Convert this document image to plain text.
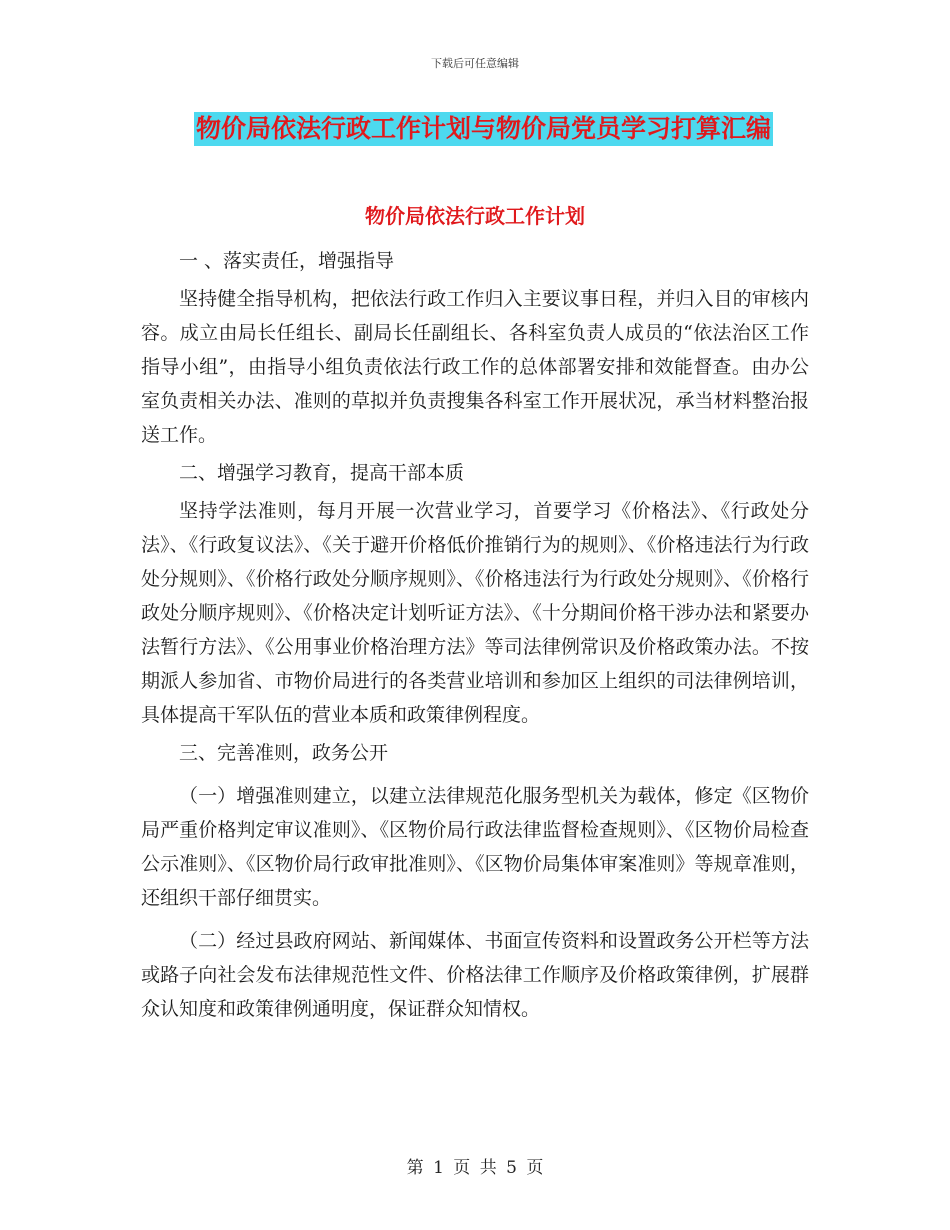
下载后可任意编辑
物价局依法行政工作计划与物价局党员学习打算汇编
物价局依法行政工作计划

一 、落实责任，增强指导

坚持健全指导机构，把依法行政工作归入主要议事日程，并归入目的审核内容。成立由局长任组长、副局长任副组长、各科室负责人成员的“依法治区工作指导小组”，由指导小组负责依法行政工作的总体部署安排和效能督查。由办公室负责相关办法、准则的草拟并负责搜集各科室工作开展状况，承当材料整治报送工作。

二、增强学习教育，提高干部本质

坚持学法准则，每月开展一次营业学习，首要学习《价格法》、《行政处分法》、《行政复议法》、《关于避开价格低价推销行为的规则》、《价格违法行为行政处分规则》、《价格行政处分顺序规则》、《价格违法行为行政处分规则》、《价格行政处分顺序规则》、《价格决定计划听证方法》、《十分期间价格干涉办法和紧要办法暂行方法》、《公用事业价格治理方法》等司法律例常识及价格政策办法。不按期派人参加省、市物价局进行的各类营业培训和参加区上组织的司法律例培训，具体提高干军队伍的营业本质和政策律例程度。

三、完善准则，政务公开

（一）增强准则建立，以建立法律规范化服务型机关为载体，修定《区物价局严重价格判定审议准则》、《区物价局行政法律监督检查规则》、《区物价局检查公示准则》、《区物价局行政审批准则》、《区物价局集体审案准则》等规章准则，还组织干部仔细贯实。

（二）经过县政府网站、新闻媒体、书面宣传资料和设置政务公开栏等方法或路子向社会发布法律规范性文件、价格法律工作顺序及价格政策律例，扩展群众认知度和政策律例通明度，保证群众知情权。

第 1 页 共 5 页
